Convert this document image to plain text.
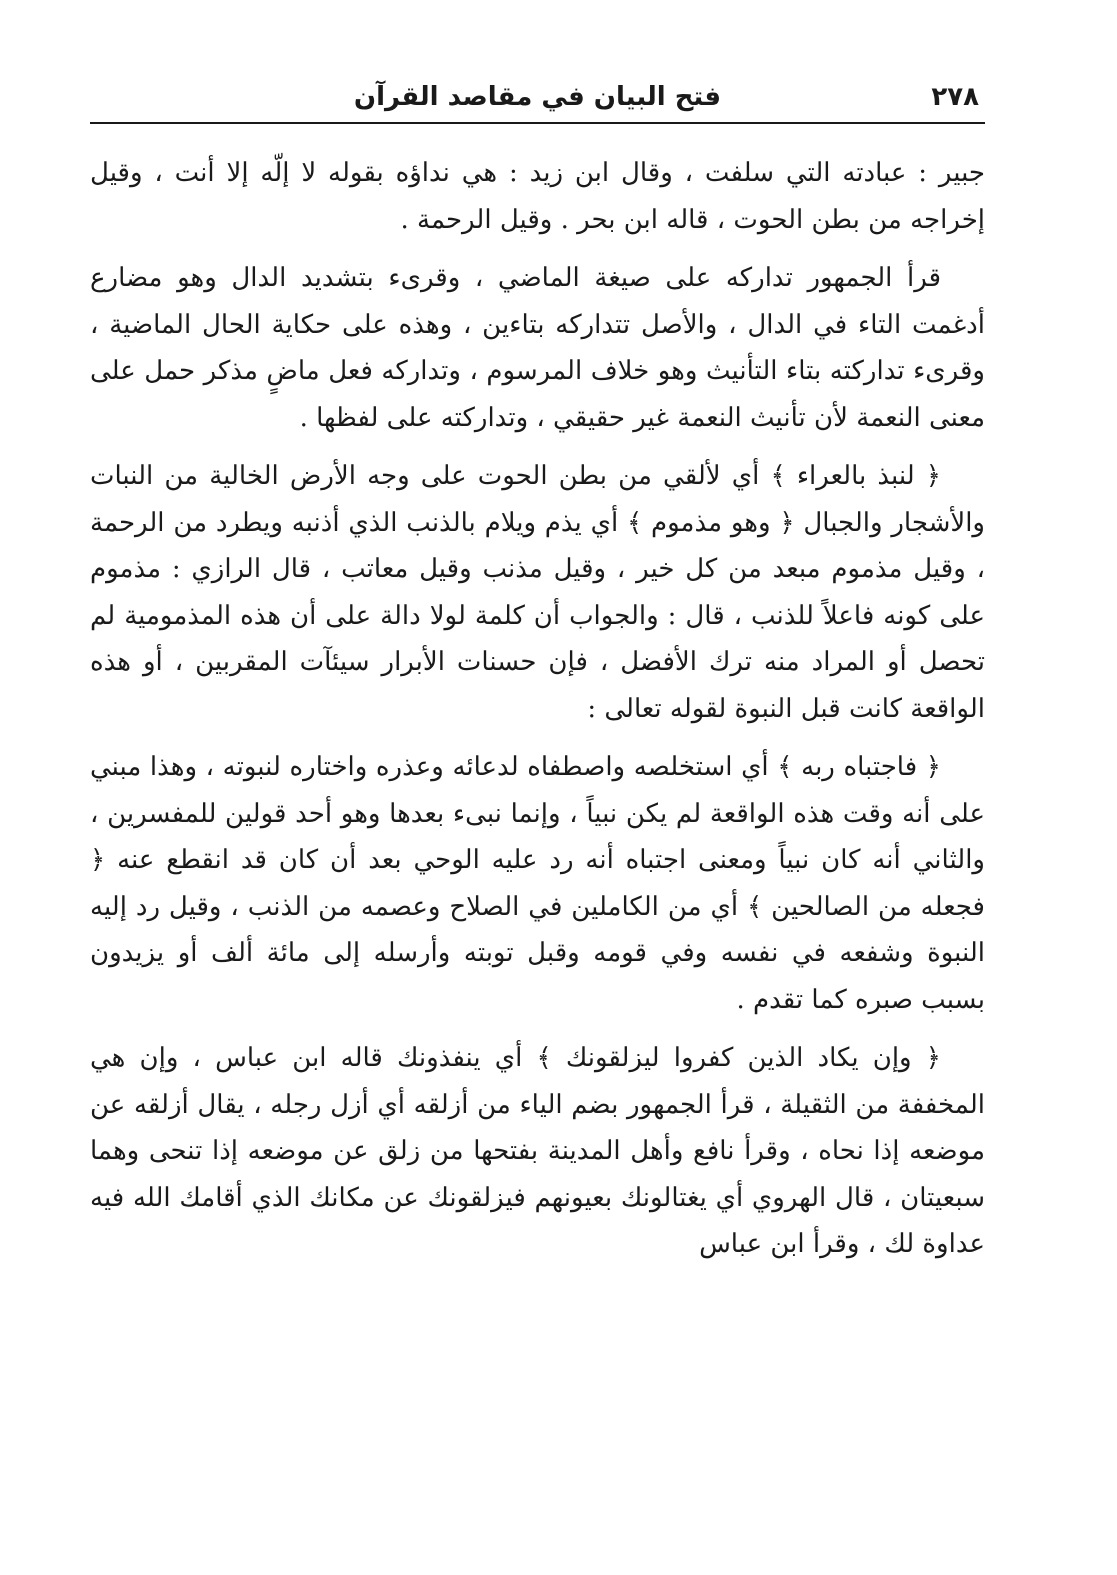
٢٧٨
فتح البيان في مقاصد القرآن

جبير : عبادته التي سلفت ، وقال ابن زيد : هي نداؤه بقوله لا إلّه إلا أنت ، وقيل إخراجه من بطن الحوت ، قاله ابن بحر . وقيل الرحمة .

قرأ الجمهور تداركه على صيغة الماضي ، وقرىء بتشديد الدال وهو مضارع أدغمت التاء في الدال ، والأصل تتداركه بتاءين ، وهذه على حكاية الحال الماضية ، وقرىء تداركته بتاء التأنيث وهو خلاف المرسوم ، وتداركه فعل ماضٍ مذكر حمل على معنى النعمة لأن تأنيث النعمة غير حقيقي ، وتداركته على لفظها .

﴿ لنبذ بالعراء ﴾ أي لألقي من بطن الحوت على وجه الأرض الخالية من النبات والأشجار والجبال ﴿ وهو مذموم ﴾ أي يذم ويلام بالذنب الذي أذنبه ويطرد من الرحمة ، وقيل مذموم مبعد من كل خير ، وقيل مذنب وقيل معاتب ، قال الرازي : مذموم على كونه فاعلاً للذنب ، قال : والجواب أن كلمة لولا دالة على أن هذه المذمومية لم تحصل أو المراد منه ترك الأفضل ، فإن حسنات الأبرار سيئآت المقربين ، أو هذه الواقعة كانت قبل النبوة لقوله تعالى :

﴿ فاجتباه ربه ﴾ أي استخلصه واصطفاه لدعائه وعذره واختاره لنبوته ، وهذا مبني على أنه وقت هذه الواقعة لم يكن نبياً ، وإنما نبىء بعدها وهو أحد قولين للمفسرين ، والثاني أنه كان نبياً ومعنى اجتباه أنه رد عليه الوحي بعد أن كان قد انقطع عنه ﴿ فجعله من الصالحين ﴾ أي من الكاملين في الصلاح وعصمه من الذنب ، وقيل رد إليه النبوة وشفعه في نفسه وفي قومه وقبل توبته وأرسله إلى مائة ألف أو يزيدون بسبب صبره كما تقدم .

﴿ وإن يكاد الذين كفروا ليزلقونك ﴾ أي ينفذونك قاله ابن عباس ، وإن هي المخففة من الثقيلة ، قرأ الجمهور بضم الياء من أزلقه أي أزل رجله ، يقال أزلقه عن موضعه إذا نحاه ، وقرأ نافع وأهل المدينة بفتحها من زلق عن موضعه إذا تنحى وهما سبعيتان ، قال الهروي أي يغتالونك بعيونهم فيزلقونك عن مكانك الذي أقامك الله فيه عداوة لك ، وقرأ ابن عباس
